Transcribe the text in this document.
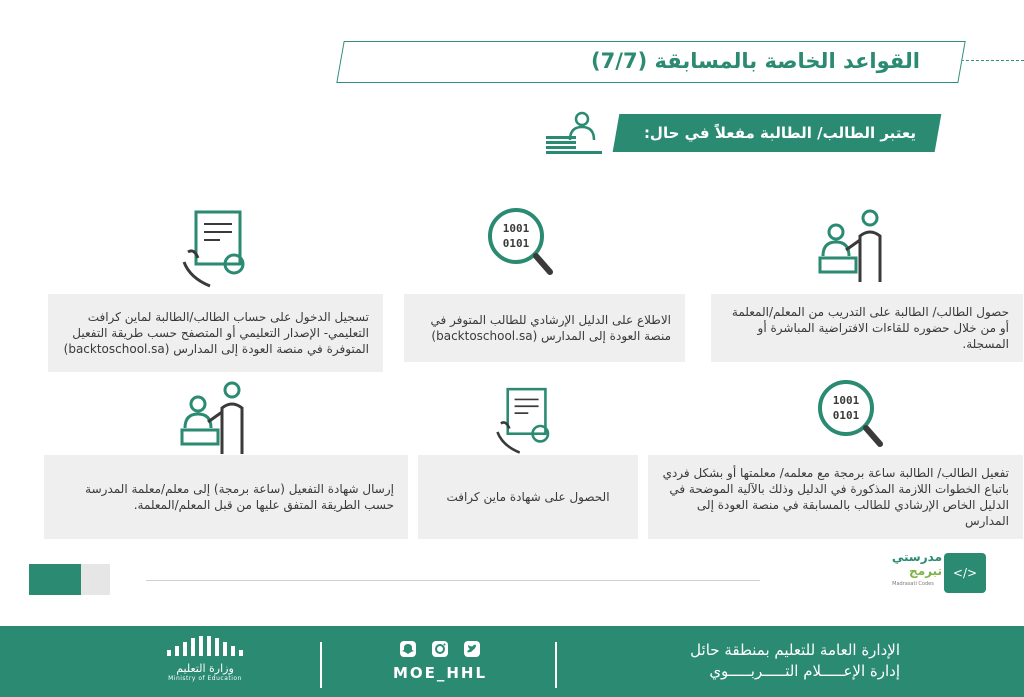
القواعد الخاصة بالمسابقة (7/7)
يعتبر الطالب/ الطالبة مفعلاً في حال:
1001
0101
حصول الطالب/ الطالبة على التدريب من المعلم/المعلمة أو من خلال حضوره للقاءات الافتراضية المباشرة أو المسجلة.
الاطلاع على الدليل الإرشادي للطالب المتوفر في منصة العودة إلى المدارس (backtoschool.sa)
تسجيل الدخول على حساب الطالب/الطالبة لماين كرافت التعليمي- الإصدار التعليمي أو المتصفح حسب طريقة التفعيل المتوفرة في منصة العودة إلى المدارس (backtoschool.sa)
1001
0101
تفعيل الطالب/ الطالبة ساعة برمجة مع معلمه/ معلمتها أو بشكل فردي باتباع الخطوات اللازمة المذكورة في الدليل وذلك بالآلية الموضحة في الدليل الخاص الإرشادي للطالب بالمسابقة في منصة العودة إلى المدارس
الحصول على شهادة ماين كرافت
إرسال شهادة التفعيل (ساعة برمجة) إلى معلم/معلمة المدرسة حسب الطريقة المتفق عليها من قبل المعلم/المعلمة.
</>
مدرستي
تبرمج
Madrasati Codes
الإدارة العامة للتعليم بمنطقة حائل
إدارة الإعـــــلام التـــــربـــــوي
MOE_HHL
وزارة التعليم
Ministry of Education
